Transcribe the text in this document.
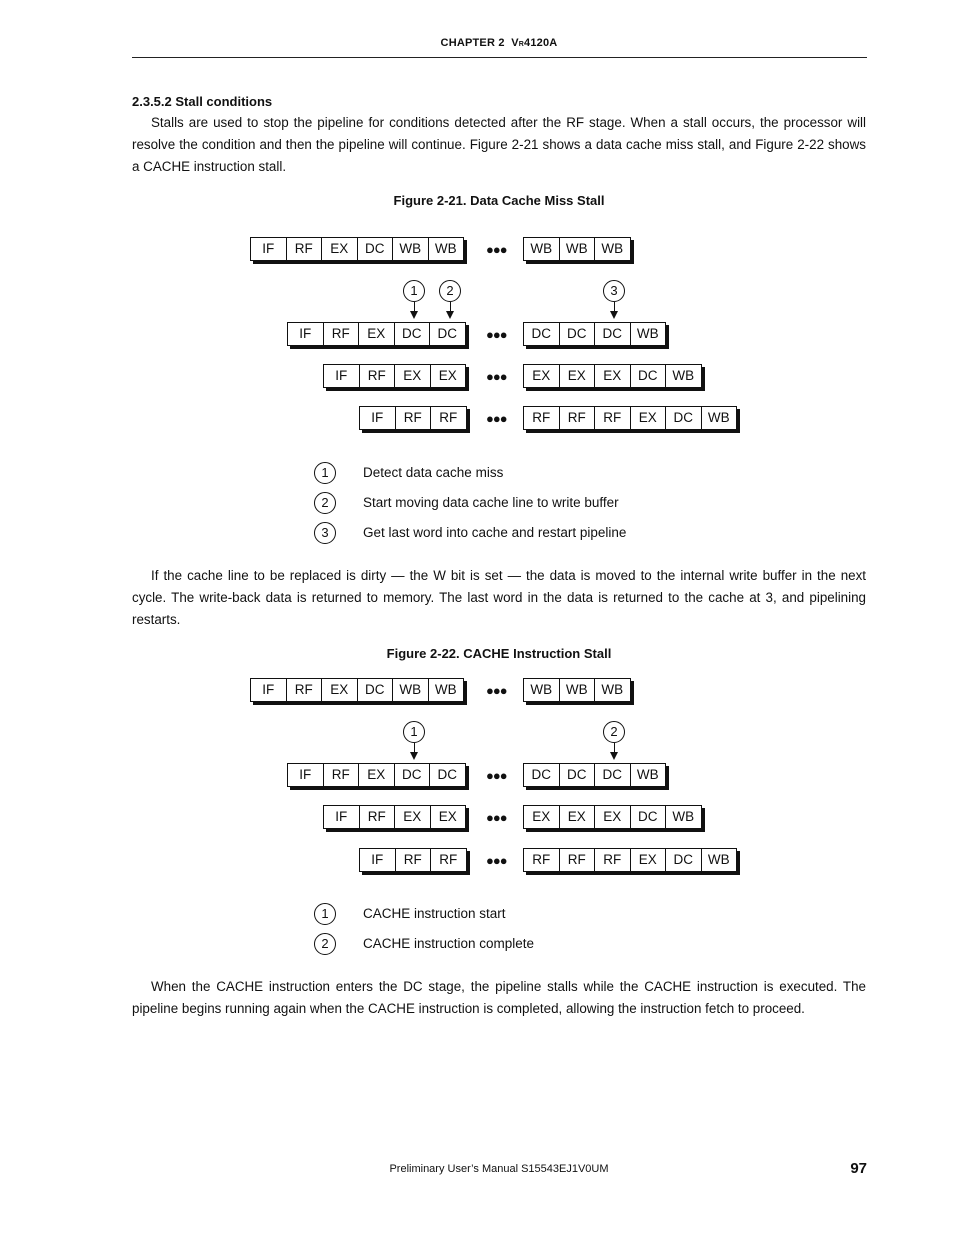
CHAPTER 2 VR4120A
2.3.5.2 Stall conditions

Stalls are used to stop the pipeline for conditions detected after the RF stage. When a stall occurs, the processor will resolve the condition and then the pipeline will continue. Figure 2-21 shows a data cache miss stall, and Figure 2-22 shows a CACHE instruction stall.

Figure 2-21. Data Cache Miss Stall
IF	RF	EX	DC	WB	WB	●●●	WB	WB	WB
1	2	3
IF	RF	EX	DC	DC	●●●	DC	DC	DC	WB
IF	RF	EX	EX	●●●	EX	EX	EX	DC	WB
IF	RF	RF	●●●	RF	RF	RF	EX	DC	WB
1	Detect data cache miss
2	Start moving data cache line to write buffer
3	Get last word into cache and restart pipeline

If the cache line to be replaced is dirty — the W bit is set — the data is moved to the internal write buffer in the next cycle. The write-back data is returned to memory. The last word in the data is returned to the cache at 3, and pipelining restarts.

Figure 2-22. CACHE Instruction Stall
IF	RF	EX	DC	WB	WB	●●●	WB	WB	WB
1	2
IF	RF	EX	DC	DC	●●●	DC	DC	DC	WB
IF	RF	EX	EX	●●●	EX	EX	EX	DC	WB
IF	RF	RF	●●●	RF	RF	RF	EX	DC	WB
1	CACHE instruction start
2	CACHE instruction complete

When the CACHE instruction enters the DC stage, the pipeline stalls while the CACHE instruction is executed. The pipeline begins running again when the CACHE instruction is completed, allowing the instruction fetch to proceed.

Preliminary User’s Manual S15543EJ1V0UM	97
